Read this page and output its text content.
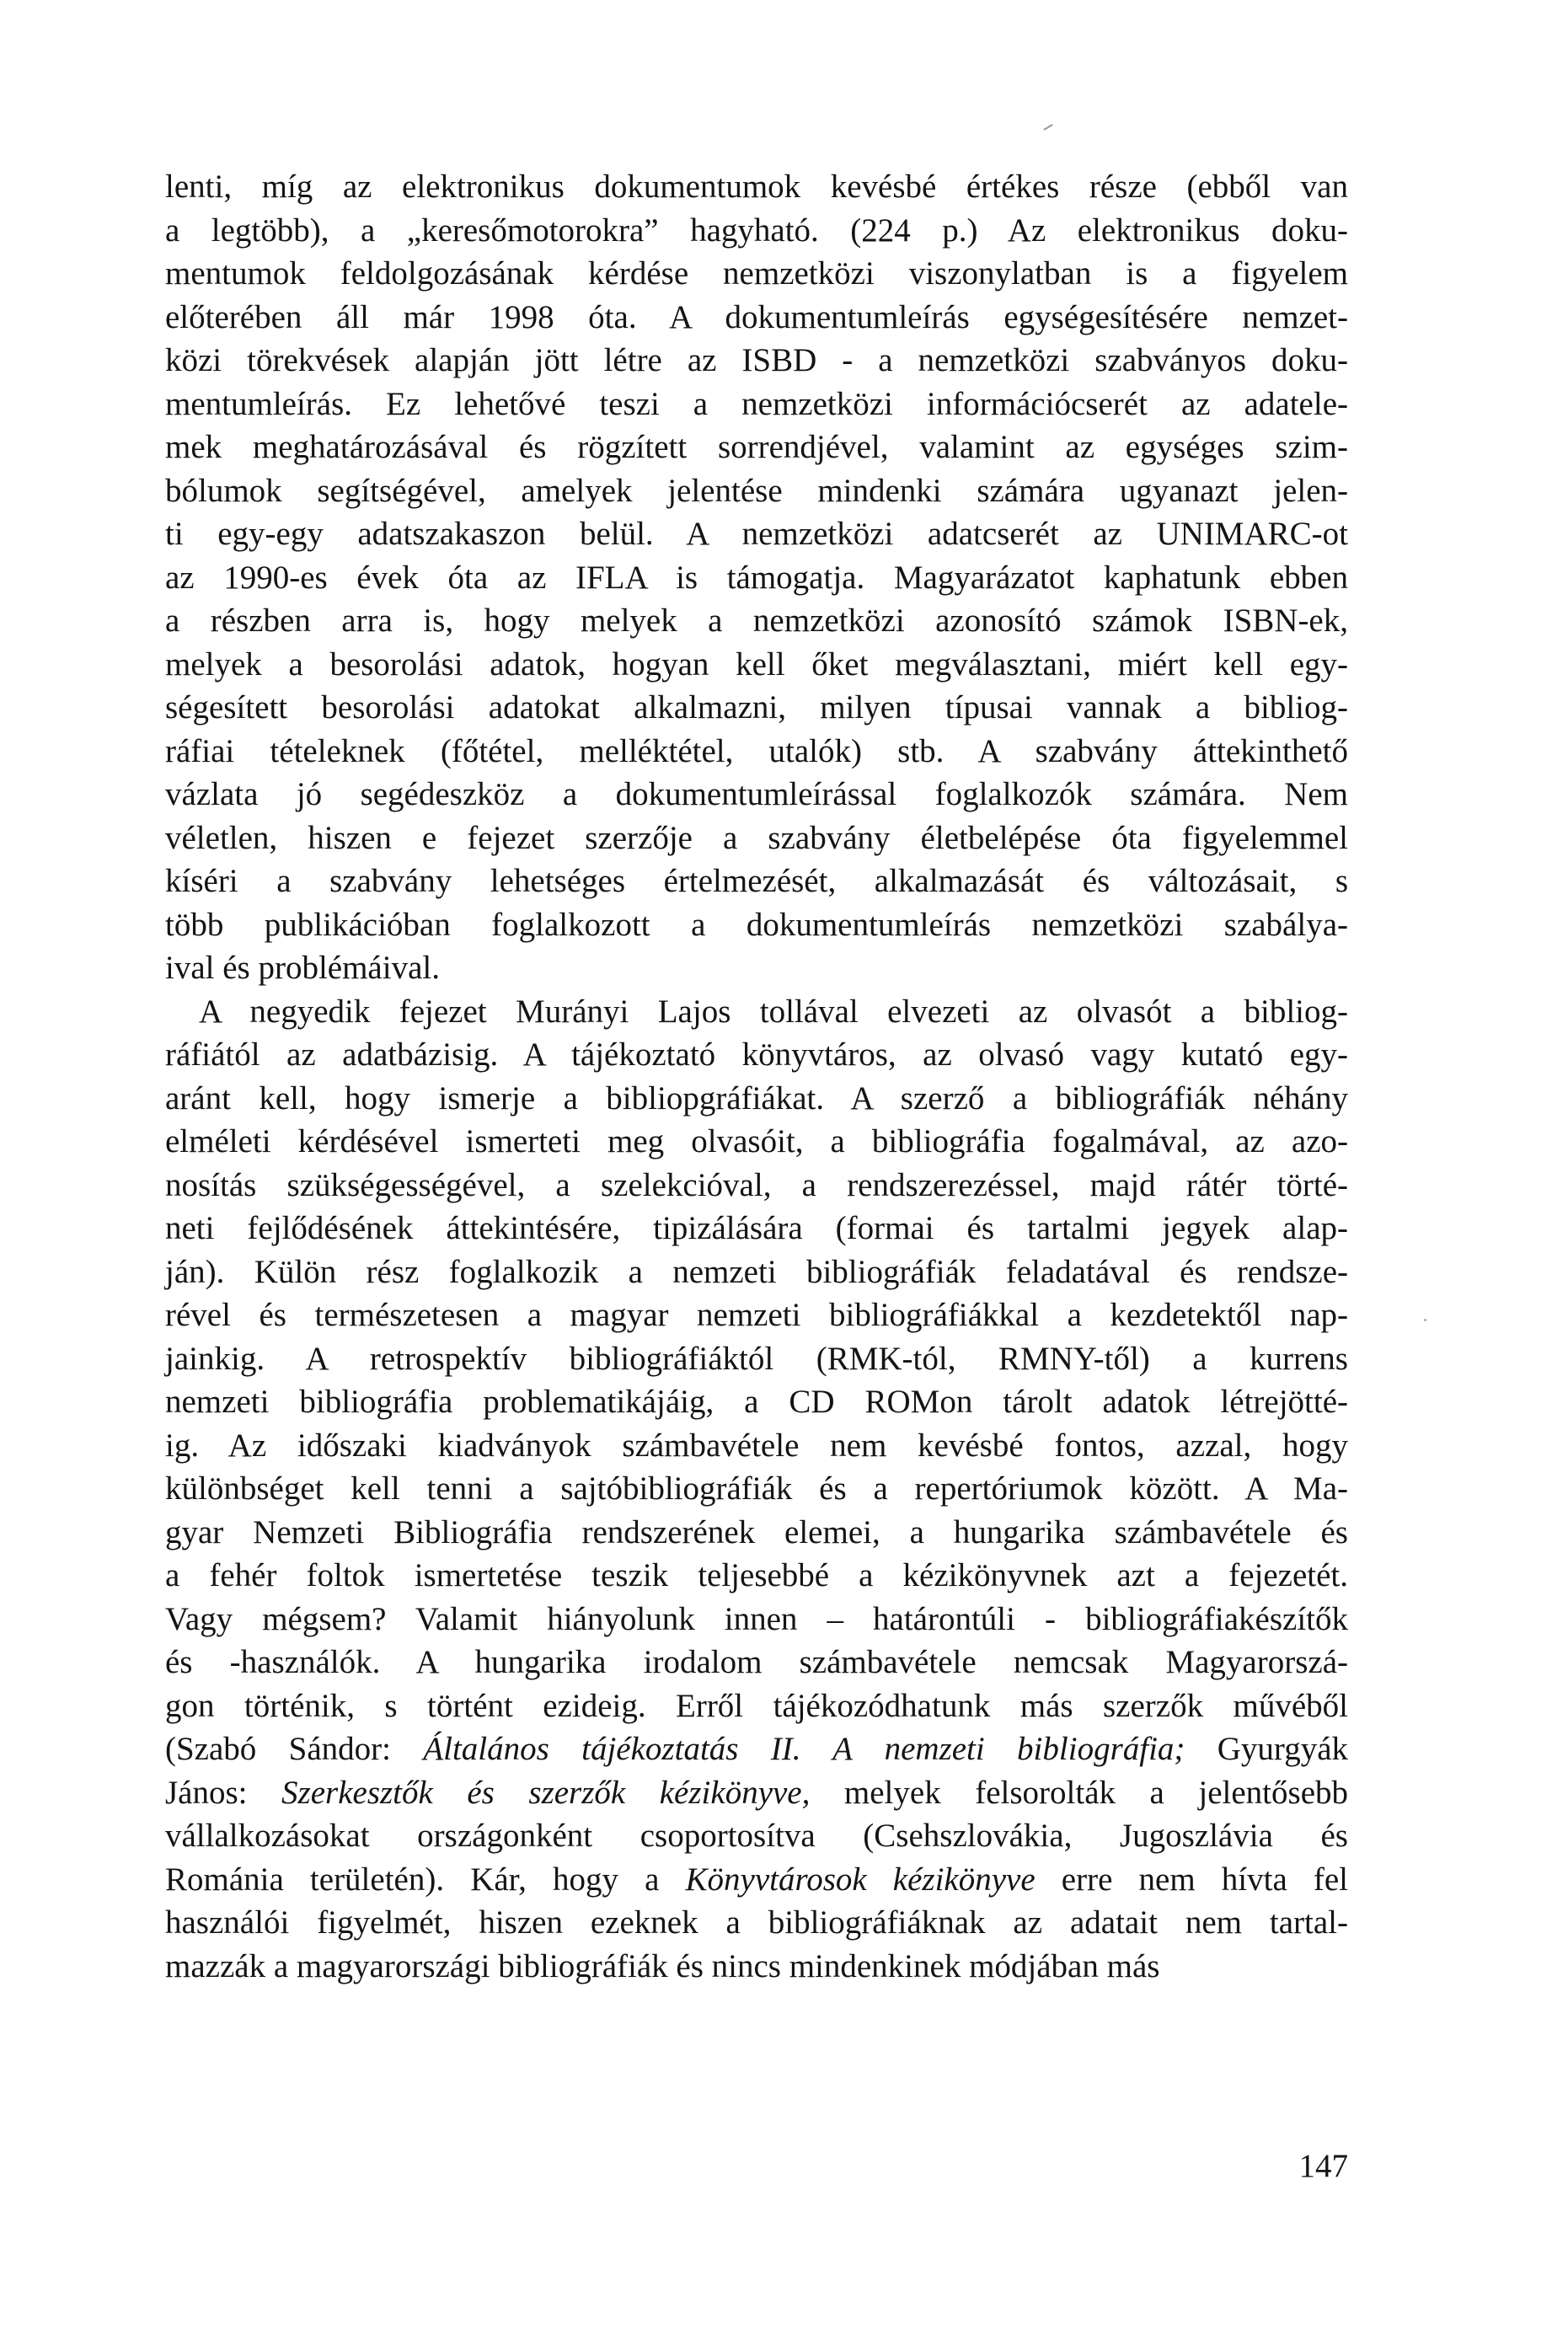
lenti, míg az elektronikus dokumentumok kevésbé értékes része (ebből van
a legtöbb), a „keresőmotorokra” hagyható. (224 p.) Az elektronikus doku-
mentumok feldolgozásának kérdése nemzetközi viszonylatban is a figyelem
előterében áll már 1998 óta. A dokumentumleírás egységesítésére nemzet-
közi törekvések alapján jött létre az ISBD - a nemzetközi szabványos doku-
mentumleírás. Ez lehetővé teszi a nemzetközi információcserét az adatele-
mek meghatározásával és rögzített sorrendjével, valamint az egységes szim-
bólumok segítségével, amelyek jelentése mindenki számára ugyanazt jelen-
ti egy-egy adatszakaszon belül. A nemzetközi adatcserét az UNIMARC-ot
az 1990-es évek óta az IFLA is támogatja. Magyarázatot kaphatunk ebben
a részben arra is, hogy melyek a nemzetközi azonosító számok ISBN-ek,
melyek a besorolási adatok, hogyan kell őket megválasztani, miért kell egy-
ségesített besorolási adatokat alkalmazni, milyen típusai vannak a bibliog-
ráfiai tételeknek (főtétel, melléktétel, utalók) stb. A szabvány áttekinthető
vázlata jó segédeszköz a dokumentumleírással foglalkozók számára. Nem
véletlen, hiszen e fejezet szerzője a szabvány életbelépése óta figyelemmel
kíséri a szabvány lehetséges értelmezését, alkalmazását és változásait, s
több publikációban foglalkozott a dokumentumleírás nemzetközi szabálya-
ival és problémáival.
A negyedik fejezet Murányi Lajos tollával elvezeti az olvasót a bibliog-
ráfiától az adatbázisig. A tájékoztató könyvtáros, az olvasó vagy kutató egy-
aránt kell, hogy ismerje a bibliopgráfiákat. A szerző a bibliográfiák néhány
elméleti kérdésével ismerteti meg olvasóit, a bibliográfia fogalmával, az azo-
nosítás szükségességével, a szelekcióval, a rendszerezéssel, majd rátér törté-
neti fejlődésének áttekintésére, tipizálására (formai és tartalmi jegyek alap-
ján). Külön rész foglalkozik a nemzeti bibliográfiák feladatával és rendsze-
rével és természetesen a magyar nemzeti bibliográfiákkal a kezdetektől nap-
jainkig. A retrospektív bibliográfiáktól (RMK-tól, RMNY-től) a kurrens
nemzeti bibliográfia problematikájáig, a CD ROMon tárolt adatok létrejötté-
ig. Az időszaki kiadványok számbavétele nem kevésbé fontos, azzal, hogy
különbséget kell tenni a sajtóbibliográfiák és a repertóriumok között. A Ma-
gyar Nemzeti Bibliográfia rendszerének elemei, a hungarika számbavétele és
a fehér foltok ismertetése teszik teljesebbé a kézikönyvnek azt a fejezetét.
Vagy mégsem? Valamit hiányolunk innen – határontúli - bibliográfiakészítők
és -használók. A hungarika irodalom számbavétele nemcsak Magyarorszá-
gon történik, s történt ezideig. Erről tájékozódhatunk más szerzők művéből
(Szabó Sándor: Általános tájékoztatás II. A nemzeti bibliográfia; Gyurgyák
János: Szerkesztők és szerzők kézikönyve, melyek felsorolták a jelentősebb
vállalkozásokat országonként csoportosítva (Csehszlovákia, Jugoszlávia és
Románia területén). Kár, hogy a Könyvtárosok kézikönyve erre nem hívta fel
használói figyelmét, hiszen ezeknek a bibliográfiáknak az adatait nem tartal-
mazzák a magyarországi bibliográfiák és nincs mindenkinek módjában más
147
